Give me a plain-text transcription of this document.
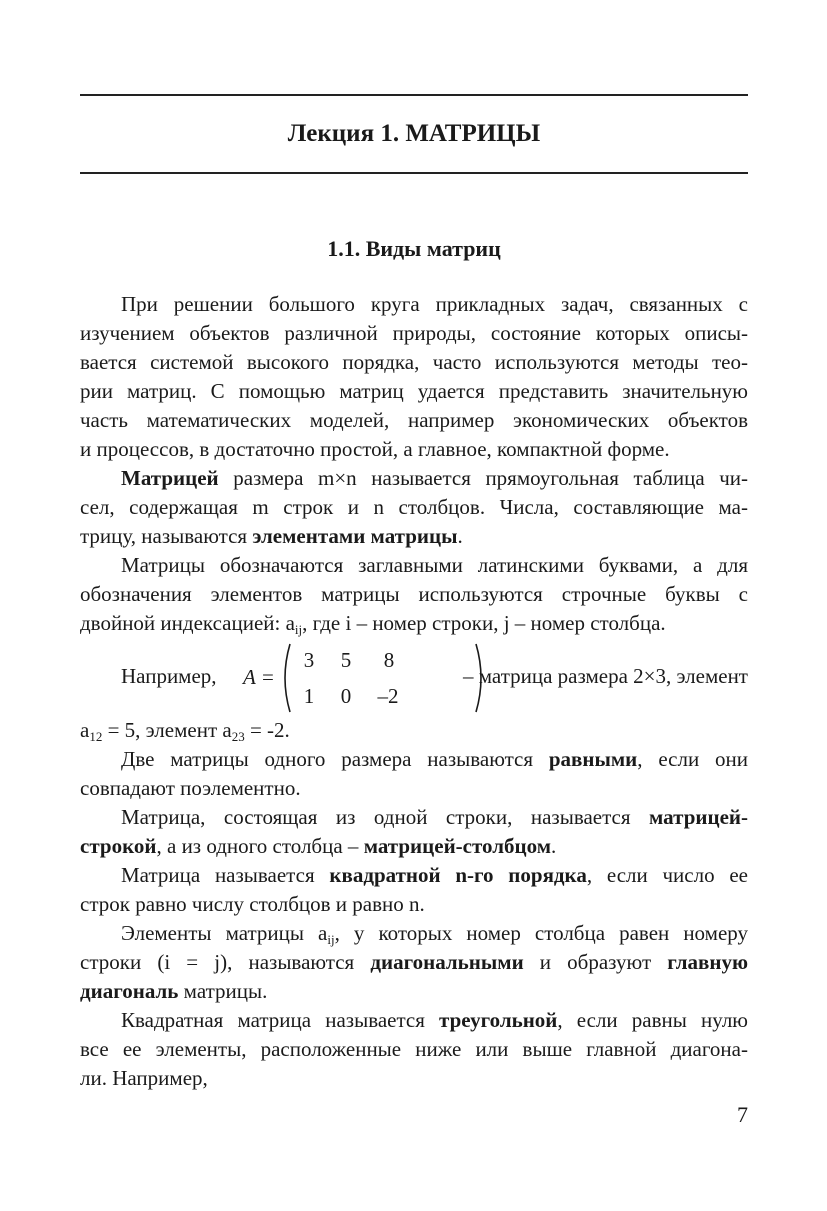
Лекция 1. МАТРИЦЫ
1.1. Виды матриц

При решении большого круга прикладных задач, связанных с
изучением объектов различной природы, состояние которых описы-
вается системой высокого порядка, часто используются методы тео-
рии матриц. С помощью матриц удается представить значительную
часть математических моделей, например экономических объектов
и процессов, в достаточно простой, а главное, компактной форме.

Матрицей размера m×n называется прямоугольная таблица чи-
сел, содержащая m строк и n столбцов. Числа, составляющие ма-
трицу, называются элементами матрицы.

Матрицы обозначаются заглавными латинскими буквами, а для
обозначения элементов матрицы используются строчные буквы с
двойной индексацией: $a_{ij}$, где i – номер строки, j – номер столбца.

Например, A =
3	5	8
1	0	–2
– матрица размера 2×3, элемент
$a_{12} = 5$, элемент $a_{23} = -2$.

Две матрицы одного размера называются равными, если они
совпадают поэлементно.

Матрица, состоящая из одной строки, называется матрицей-
строкой, а из одного столбца – матрицей-столбцом.

Матрица называется квадратной n-го порядка, если число ее
строк равно числу столбцов и равно n.

Элементы матрицы $a_{ij}$, у которых номер столбца равен номеру
строки (i = j), называются диагональными и образуют главную
диагональ матрицы.

Квадратная матрица называется треугольной, если равны нулю
все ее элементы, расположенные ниже или выше главной диагона-
ли. Например,

7
